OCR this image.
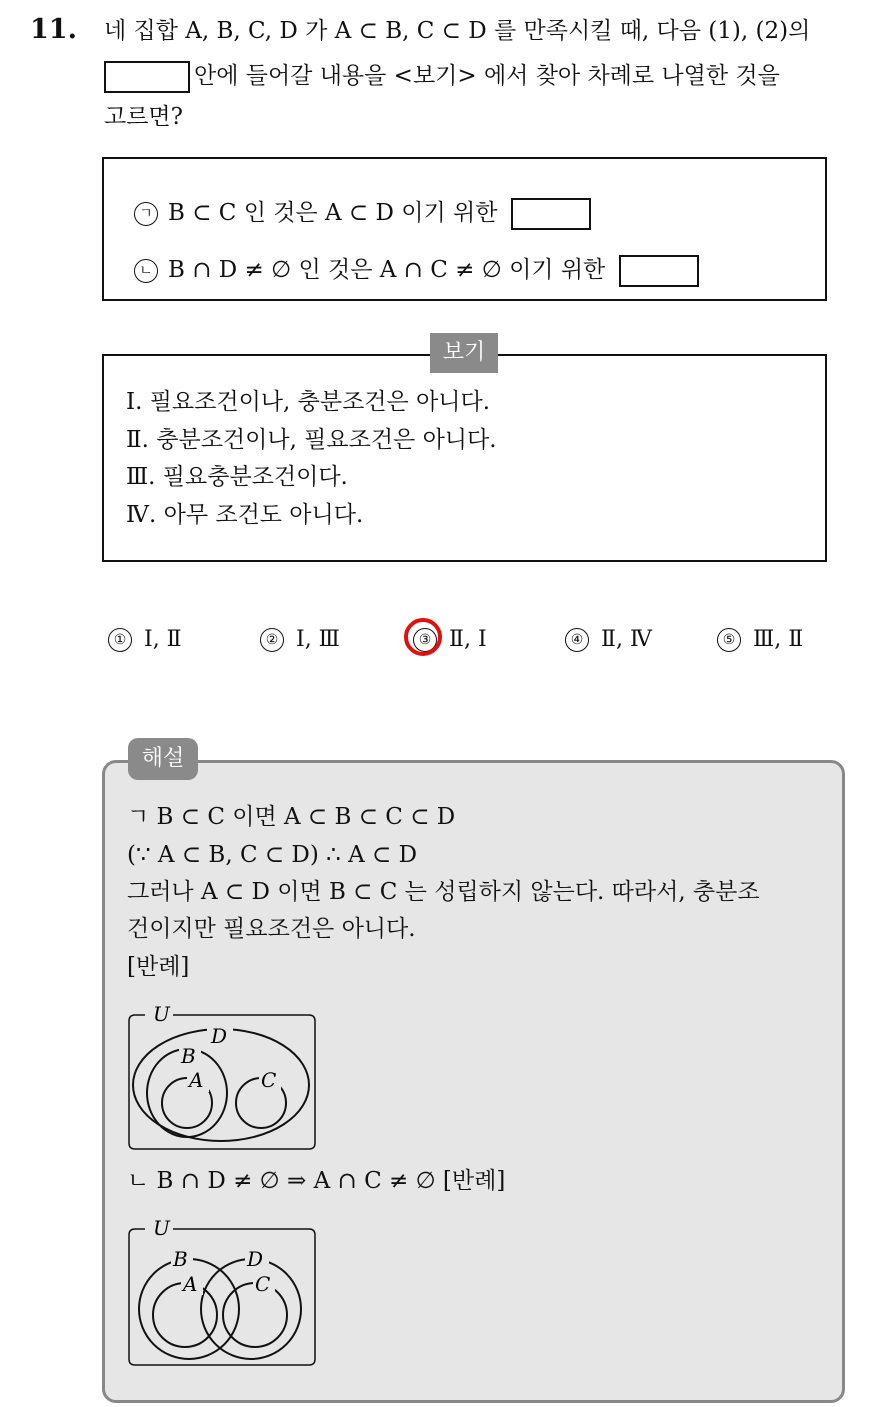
11. 네 집합 A, B, C, D 가 A ⊂ B, C ⊂ D 를 만족시킬 때, 다음 (1), (2)의
안에 들어갈 내용을 <보기> 에서 찾아 차례로 나열한 것을
고르면?
ㄱ B ⊂ C 인 것은 A ⊂ D 이기 위한
ㄴ B ∩ D ≠ ∅ 인 것은 A ∩ C ≠ ∅ 이기 위한
Ⅰ. 필요조건이나, 충분조건은 아니다.
Ⅱ. 충분조건이나, 필요조건은 아니다.
Ⅲ. 필요충분조건이다.
Ⅳ. 아무 조건도 아니다.
보기
① Ⅰ, Ⅱ	② Ⅰ, Ⅲ	③ Ⅱ, Ⅰ	④ Ⅱ, Ⅳ	⑤ Ⅲ, Ⅱ
ㄱ B ⊂ C 이면 A ⊂ B ⊂ C ⊂ D
(∵ A ⊂ B, C ⊂ D) ∴ A ⊂ D
그러나 A ⊂ D 이면 B ⊂ C 는 성립하지 않는다. 따라서, 충분조
건이지만 필요조건은 아니다.
[반례]
U
D
B
A	C
ㄴ B ∩ D ≠ ∅ ⇒ A ∩ C ≠ ∅ [반례]
U
B	D
A	C
해설
